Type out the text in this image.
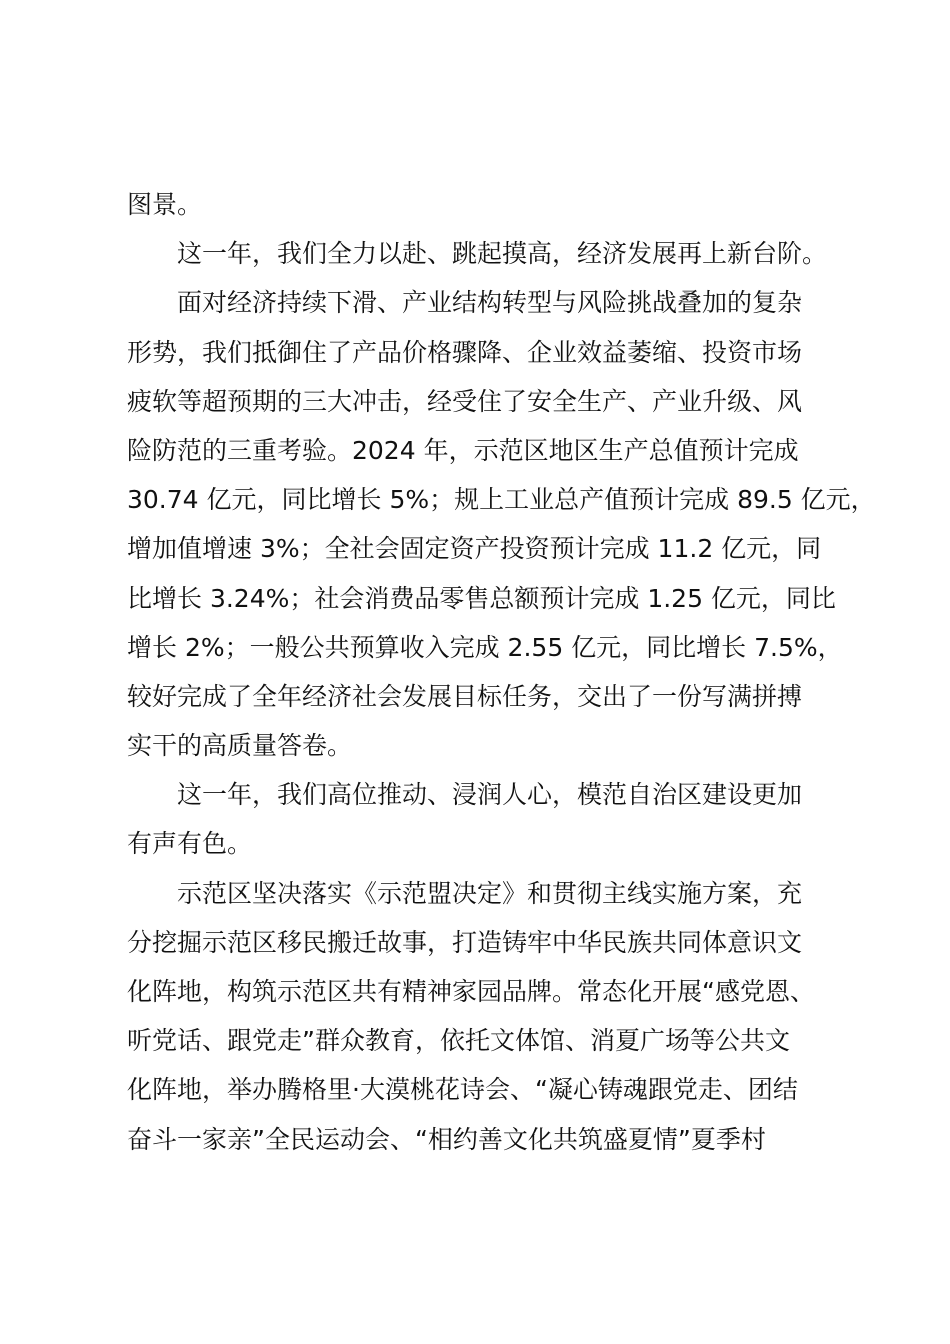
图景。
这一年，我们全力以赴、跳起摸高，经济发展再上新台阶。
面对经济持续下滑、产业结构转型与风险挑战叠加的复杂
形势，我们抵御住了产品价格骤降、企业效益萎缩、投资市场
疲软等超预期的三大冲击，经受住了安全生产、产业升级、风
险防范的三重考验。2024 年，示范区地区生产总值预计完成
30.74 亿元，同比增长 5%；规上工业总产值预计完成 89.5 亿元，
增加值增速 3%；全社会固定资产投资预计完成 11.2 亿元，同
比增长 3.24%；社会消费品零售总额预计完成 1.25 亿元，同比
增长 2%；一般公共预算收入完成 2.55 亿元，同比增长 7.5%，
较好完成了全年经济社会发展目标任务，交出了一份写满拼搏
实干的高质量答卷。
这一年，我们高位推动、浸润人心，模范自治区建设更加
有声有色。
示范区坚决落实《示范盟决定》和贯彻主线实施方案，充
分挖掘示范区移民搬迁故事，打造铸牢中华民族共同体意识文
化阵地，构筑示范区共有精神家园品牌。常态化开展“感党恩、
听党话、跟党走”群众教育，依托文体馆、消夏广场等公共文
化阵地，举办腾格里·大漠桃花诗会、“凝心铸魂跟党走、团结
奋斗一家亲”全民运动会、“相约善文化共筑盛夏情”夏季村
